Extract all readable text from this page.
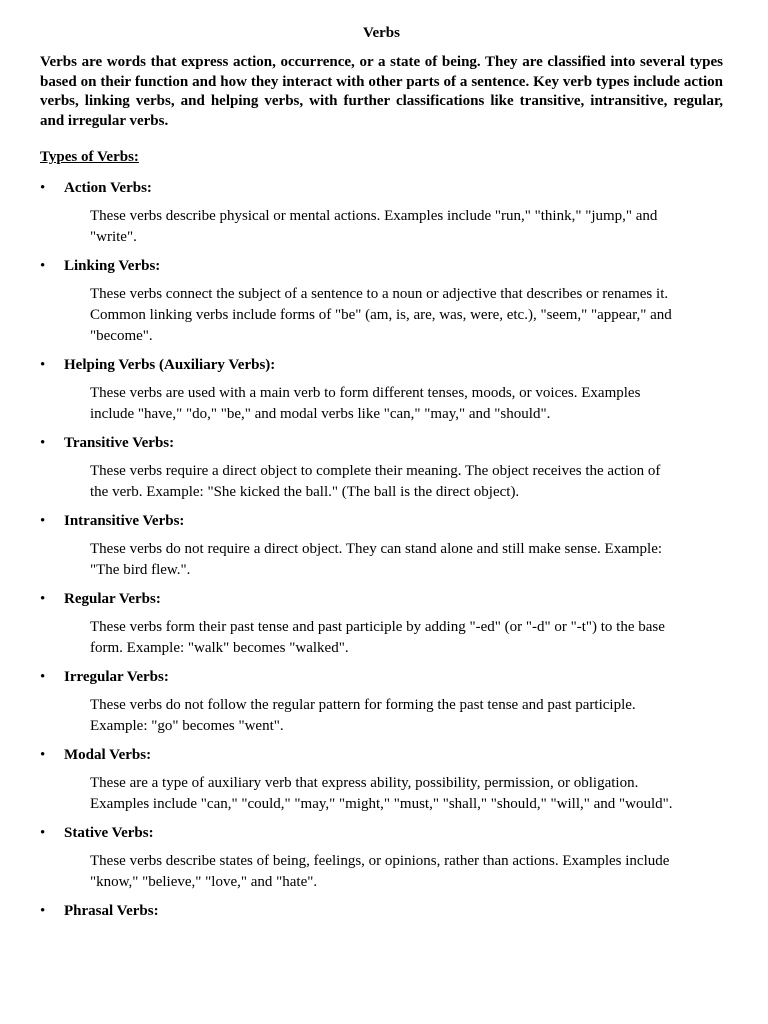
Verbs
Verbs are words that express action, occurrence, or a state of being. They are classified into several types based on their function and how they interact with other parts of a sentence. Key verb types include action verbs, linking verbs, and helping verbs, with further classifications like transitive, intransitive, regular, and irregular verbs.
Types of Verbs:
•	Action Verbs:
These verbs describe physical or mental actions. Examples include "run," "think," "jump," and "write".
•	Linking Verbs:
These verbs connect the subject of a sentence to a noun or adjective that describes or renames it. Common linking verbs include forms of "be" (am, is, are, was, were, etc.), "seem," "appear," and "become".
•	Helping Verbs (Auxiliary Verbs):
These verbs are used with a main verb to form different tenses, moods, or voices. Examples include "have," "do," "be," and modal verbs like "can," "may," and "should".
•	Transitive Verbs:
These verbs require a direct object to complete their meaning. The object receives the action of the verb. Example: "She kicked the ball." (The ball is the direct object).
•	Intransitive Verbs:
These verbs do not require a direct object. They can stand alone and still make sense. Example: "The bird flew.".
•	Regular Verbs:
These verbs form their past tense and past participle by adding "-ed" (or "-d" or "-t") to the base form. Example: "walk" becomes "walked".
•	Irregular Verbs:
These verbs do not follow the regular pattern for forming the past tense and past participle. Example: "go" becomes "went".
•	Modal Verbs:
These are a type of auxiliary verb that express ability, possibility, permission, or obligation. Examples include "can," "could," "may," "might," "must," "shall," "should," "will," and "would".
•	Stative Verbs:
These verbs describe states of being, feelings, or opinions, rather than actions. Examples include "know," "believe," "love," and "hate".
•	Phrasal Verbs:
